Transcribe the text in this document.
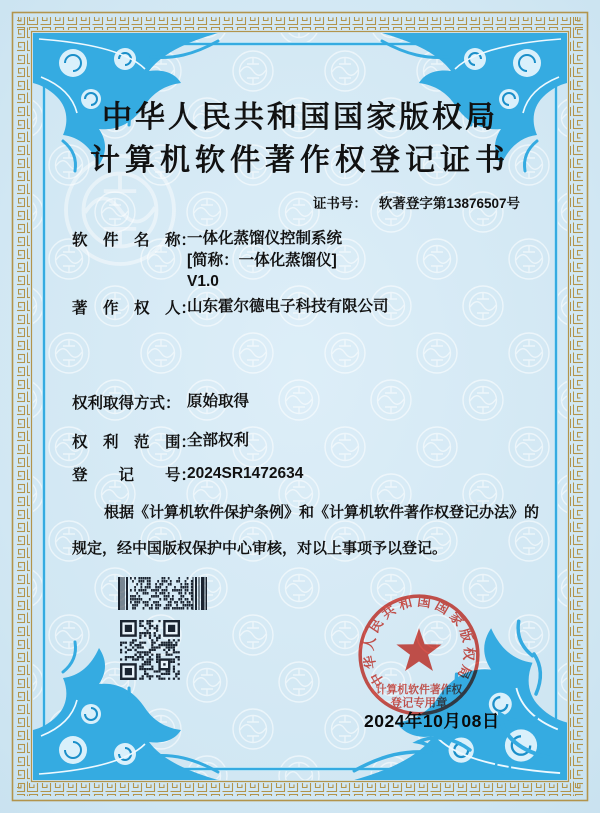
中华人民共和国国家版权局
计算机软件著作权登记证书
证书号： 软著登字第13876507号
软　件　名　称：
一体化蒸馏仪控制系统
[简称：一体化蒸馏仪]
V1.0
著　作　权　人：
山东霍尔德电子科技有限公司
权利取得方式： 原始取得
权　利　范　围：
全部权利
登　　记　　号：
2024SR1472634
根据《计算机软件保护条例》和《计算机软件著作权登记办法》的
规定，经中国版权保护中心审核，对以上事项予以登记。
中华人民共和国国家版权局
计算机软件著作权
登记专用章
2024年10月08日
